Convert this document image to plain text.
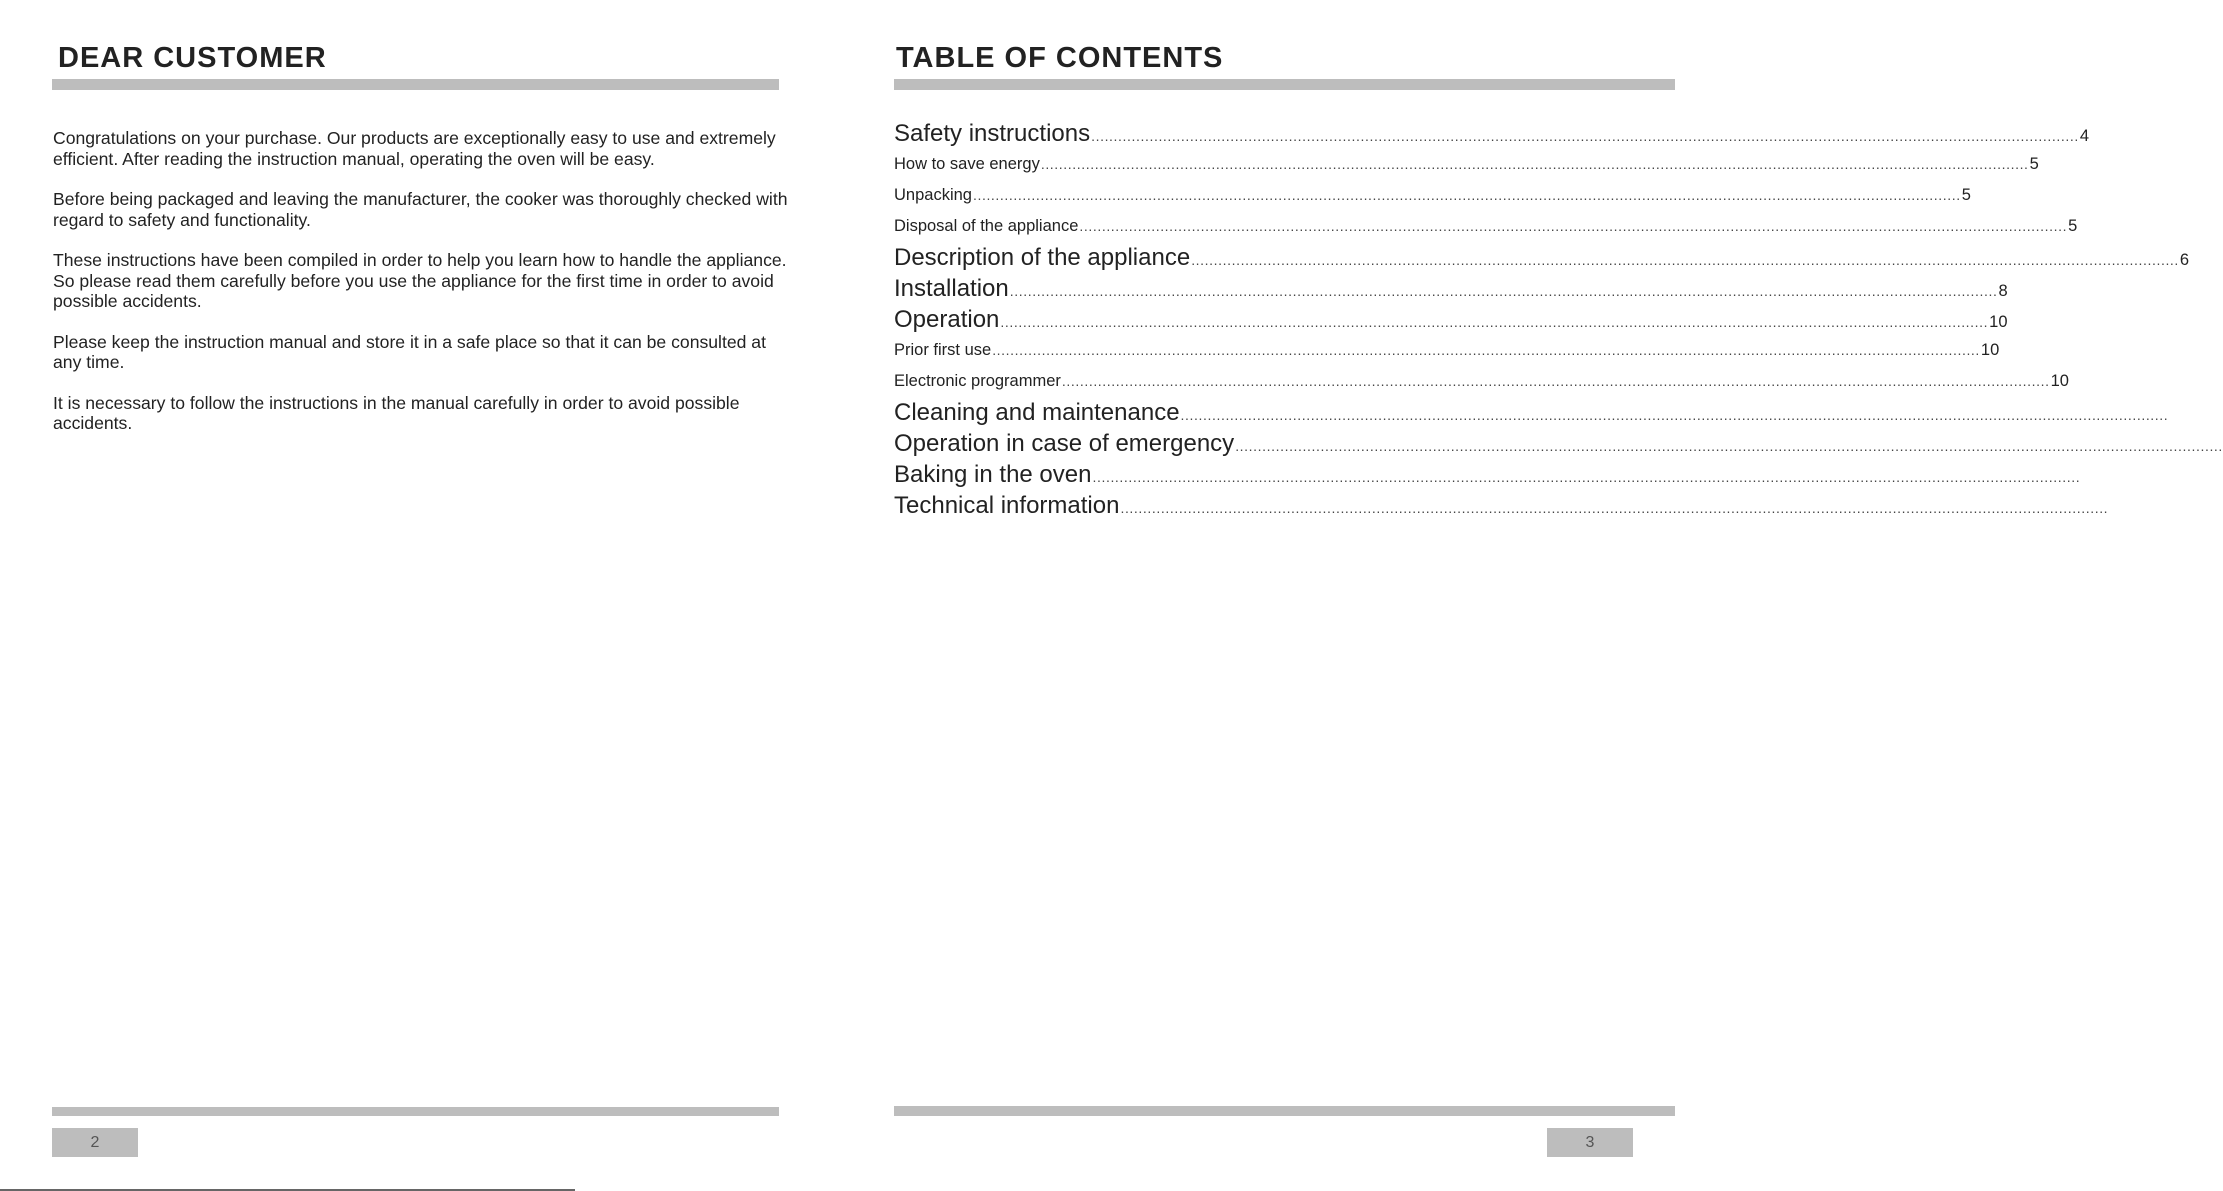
DEAR CUSTOMER

Congratulations on your purchase. Our products are exceptionally easy to use and extremely efficient. After reading the instruction manual, operating the oven will be easy.

Before being packaged and leaving the manufacturer, the cooker was thoroughly checked with regard to safety and functionality.

These instructions have been compiled in order to help you learn how to handle the appliance. So please read them carefully before you use the appliance for the first time in order to avoid possible accidents.

Please keep the instruction manual and store it in a safe place so that it can be consulted at any time.

It is necessary to follow the instructions in the manual carefully in order to avoid possible accidents.

2
TABLE OF CONTENTS
Safety instructions ............................................................................................................................................................................................................................ 4
How to save energy ............................................................................................................................................................................................................................ 5
Unpacking ............................................................................................................................................................................................................................ 5
Disposal of the appliance ............................................................................................................................................................................................................................ 5
Description of the appliance ............................................................................................................................................................................................................................ 6
Installation ............................................................................................................................................................................................................................ 8
Operation ............................................................................................................................................................................................................................ 10
Prior first use ............................................................................................................................................................................................................................ 10
Electronic programmer ............................................................................................................................................................................................................................ 10
Cleaning and maintenance ............................................................................................................................................................................................................................
Operation in case of emergency ............................................................................................................................................................................................................................
Baking in the oven ............................................................................................................................................................................................................................
Technical information ............................................................................................................................................................................................................................
3
